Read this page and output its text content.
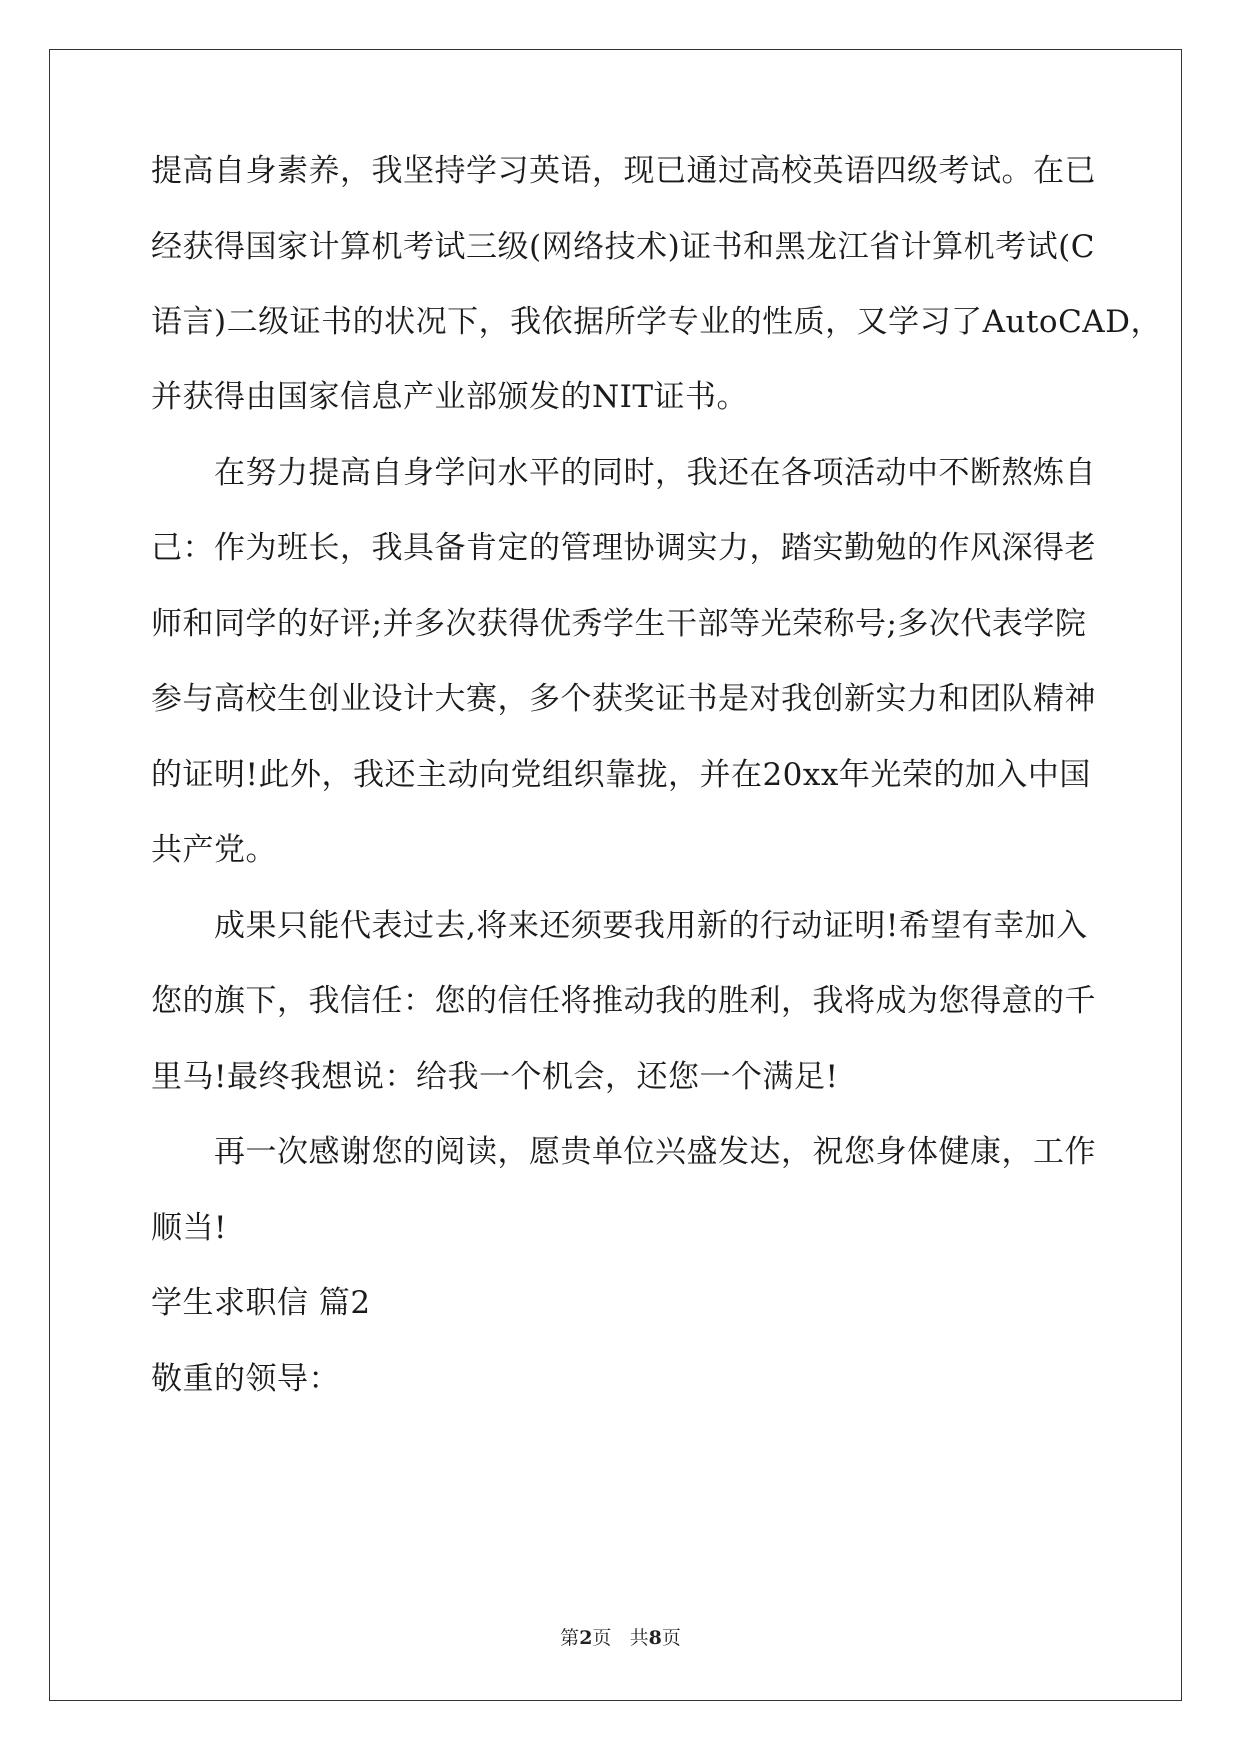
提高自身素养，我坚持学习英语，现已通过高校英语四级考试。在已
经获得国家计算机考试三级(网络技术)证书和黑龙江省计算机考试(C
语言)二级证书的状况下，我依据所学专业的性质，又学习了AutoCAD，
并获得由国家信息产业部颁发的NIT证书。
在努力提高自身学问水平的同时，我还在各项活动中不断熬炼自
己：作为班长，我具备肯定的管理协调实力，踏实勤勉的作风深得老
师和同学的好评;并多次获得优秀学生干部等光荣称号;多次代表学院
参与高校生创业设计大赛，多个获奖证书是对我创新实力和团队精神
的证明!此外，我还主动向党组织靠拢，并在20xx年光荣的加入中国
共产党。
成果只能代表过去,将来还须要我用新的行动证明!希望有幸加入
您的旗下，我信任：您的信任将推动我的胜利，我将成为您得意的千
里马!最终我想说：给我一个机会，还您一个满足!
再一次感谢您的阅读，愿贵单位兴盛发达，祝您身体健康，工作
顺当!
学生求职信 篇2
敬重的领导：
第2页 共8页
